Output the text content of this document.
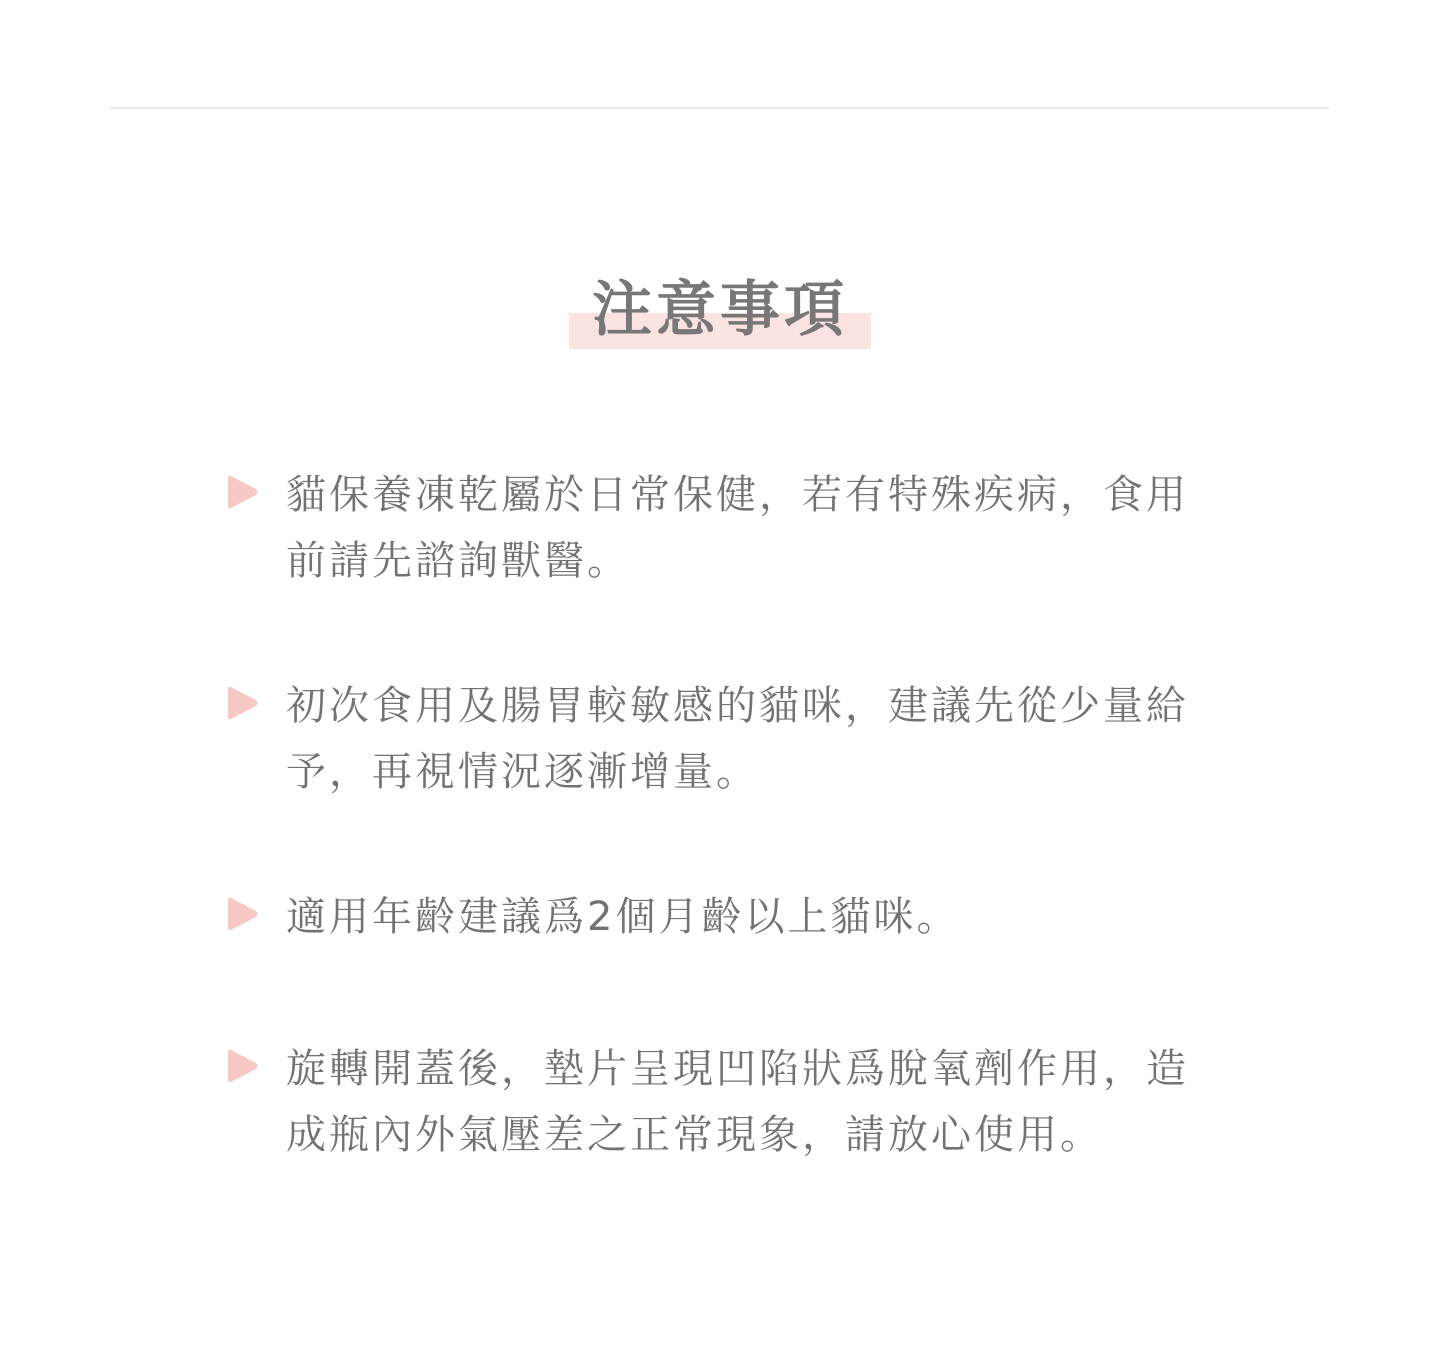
注意事項
貓保養凍乾屬於日常保健，若有特殊疾病，食用前請先諮詢獸醫。
初次食用及腸胃較敏感的貓咪，建議先從少量給予，再視情況逐漸增量。
適用年齡建議爲2個月齡以上貓咪。
旋轉開蓋後，墊片呈現凹陷狀爲脫氧劑作用，造成瓶內外氣壓差之正常現象，請放心使用。
